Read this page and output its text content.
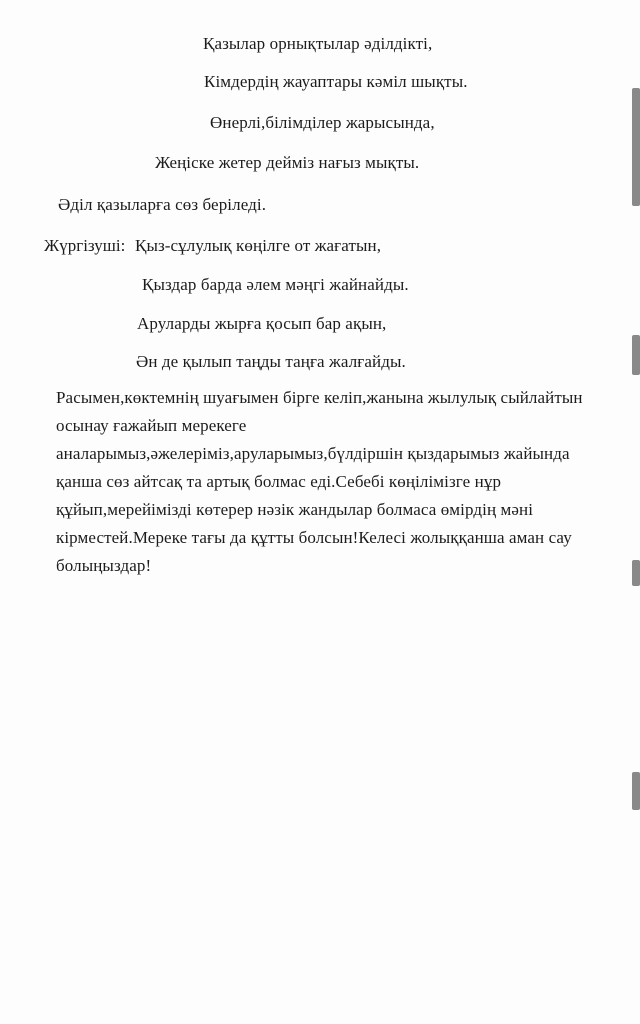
Қазылар орнықтылар әділдікті,
Кімдердің жауаптары кәміл шықты.
Өнерлі,білімділер жарысында,
Жеңіске жетер дейміз нағыз мықты.
Әділ қазыларға сөз беріледі.
Жүргізуші: Қыз-сұлулық көңілге от жағатын,
Қыздар барда әлем мәңгі жайнайды.
Аруларды жырға қосып бар ақын,
Ән де қылып таңды таңға жалғайды.
Расымен,көктемнің шуағымен бірге келіп,жанына жылулық сыйлайтын
осынау ғажайып мерекеге
аналарымыз,әжелеріміз,аруларымыз,бүлдіршін қыздарымыз жайында
қанша сөз айтсақ та артық болмас еді.Себебі көңілімізге нұр
құйып,мерейімізді көтерер нәзік жандылар болмаса өмірдің мәні
кірместей.Мереке тағы да құтты болсын!Келесі жолыққанша аман сау
болыңыздар!
